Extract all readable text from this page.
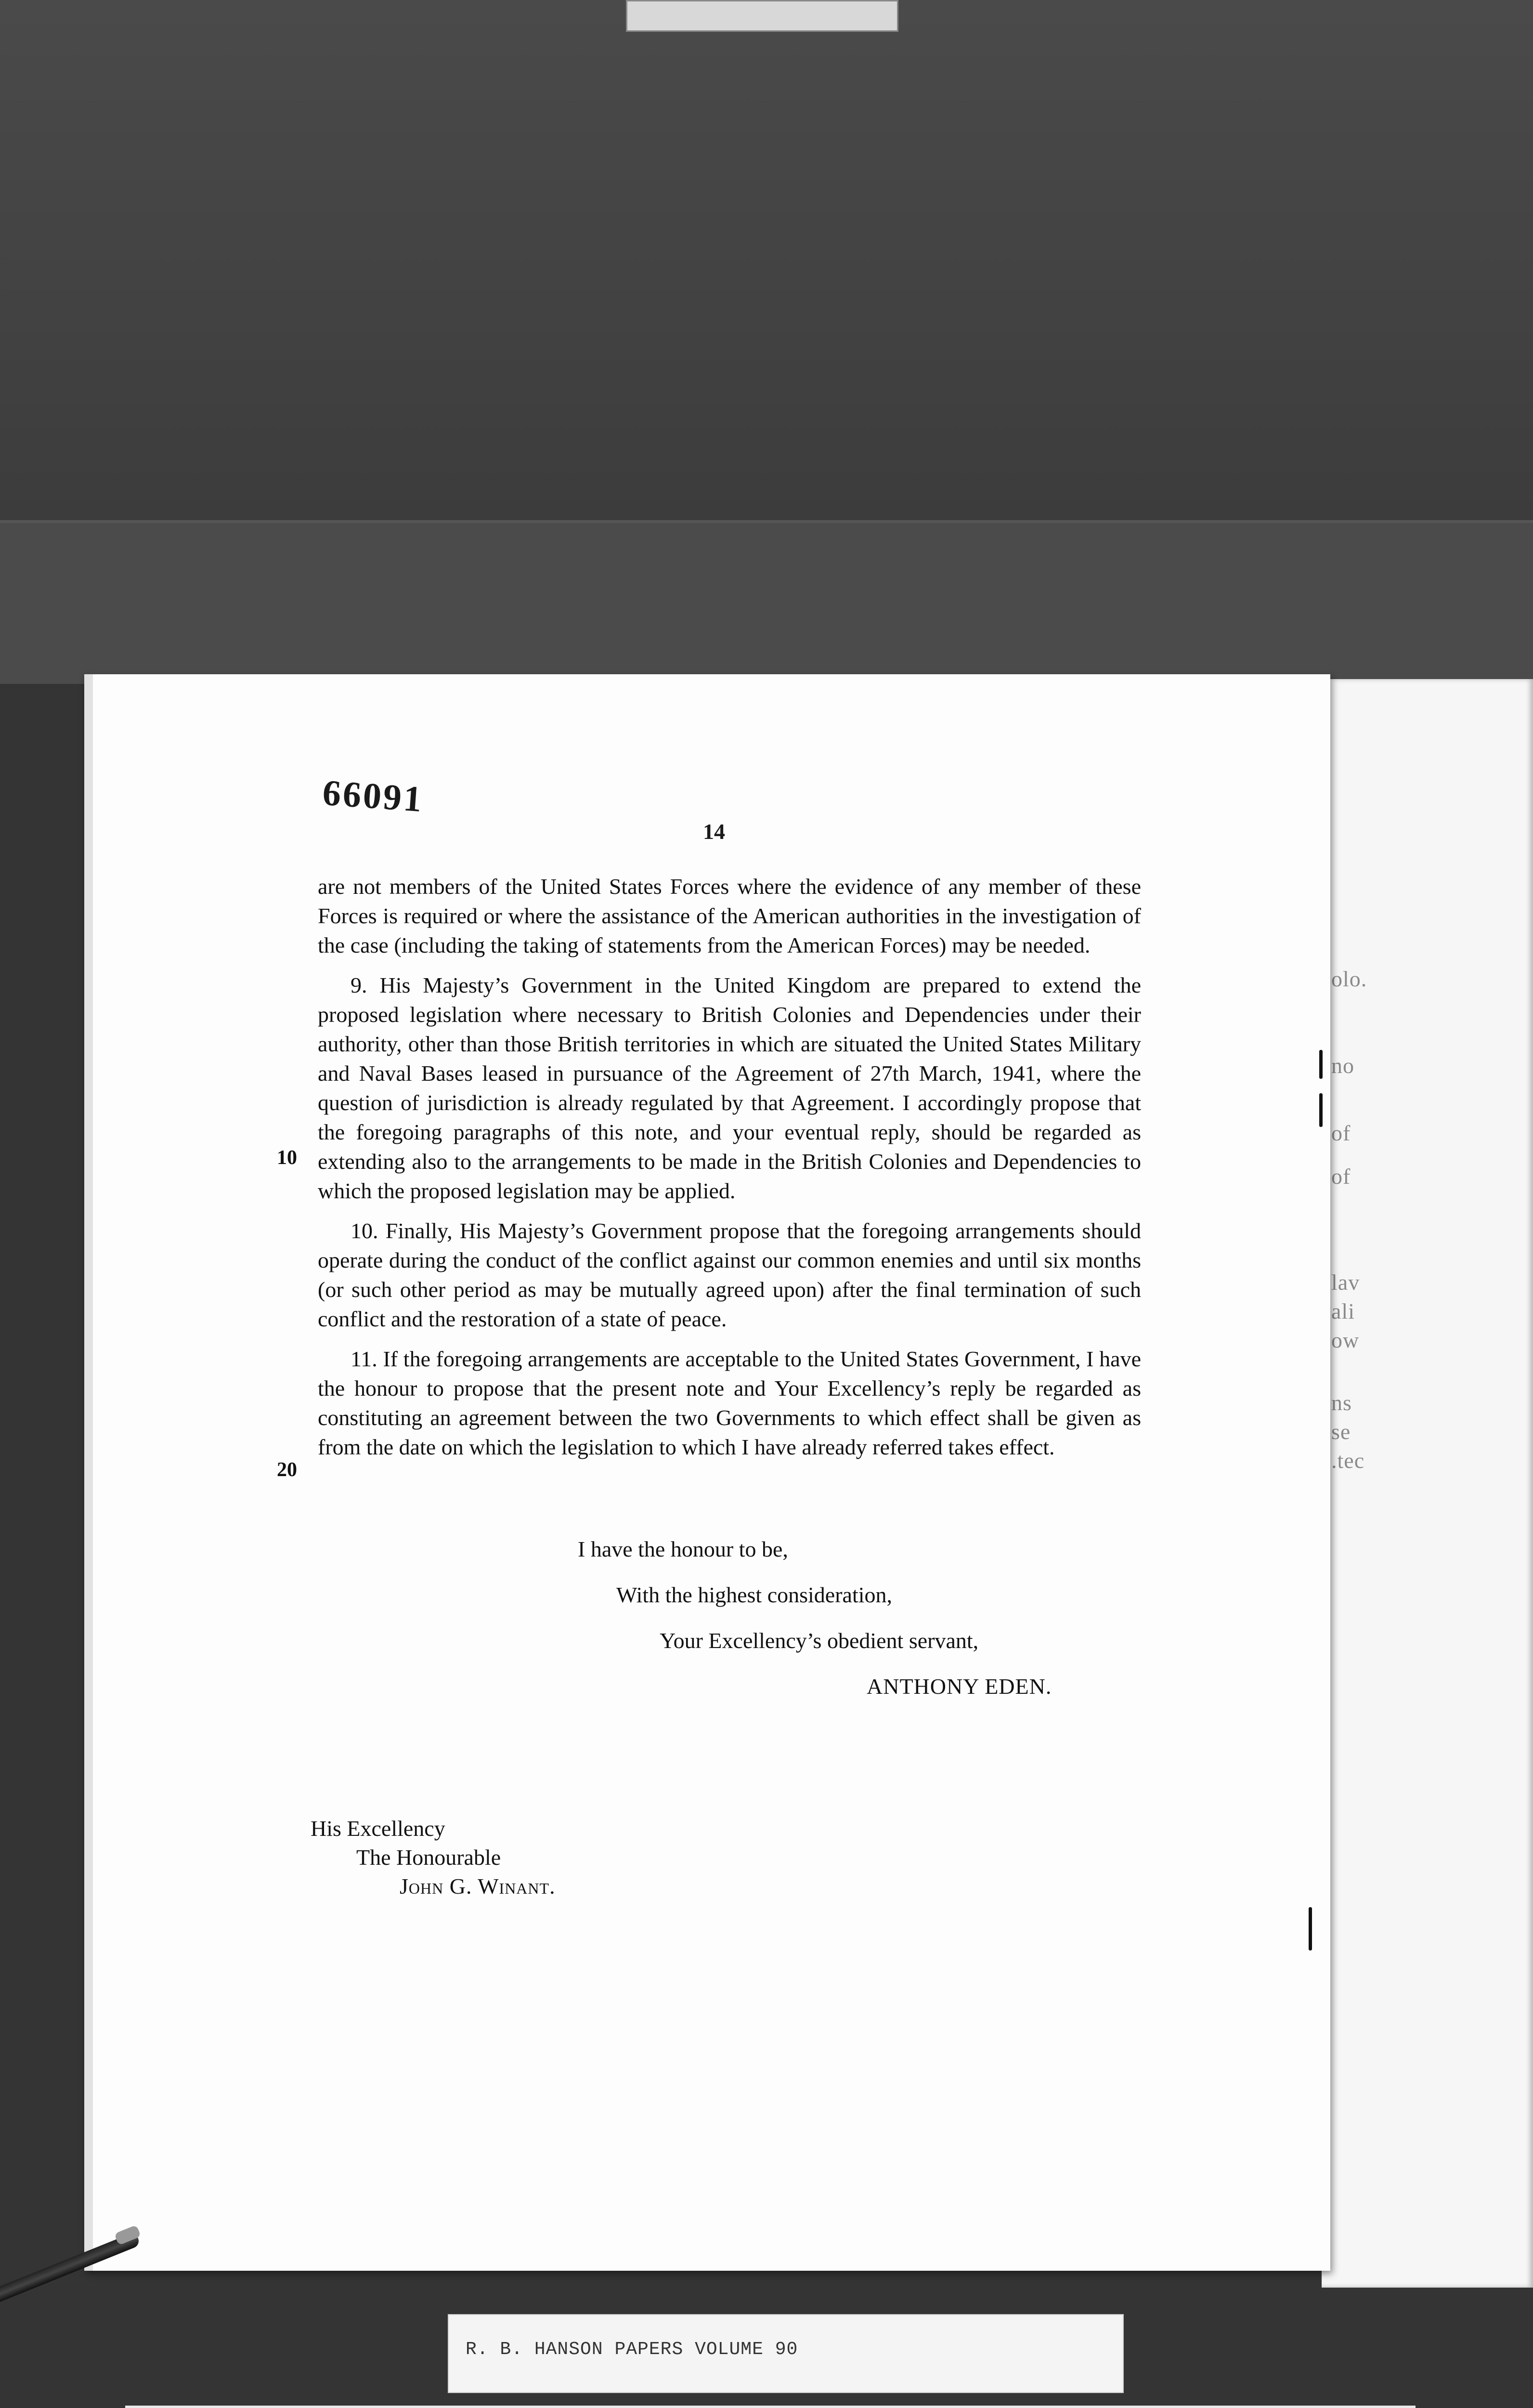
olo.
no
of
of
lav
ali
ow
ns
se
.tec
66091
14

are not members of the United States Forces where the evidence of any member of these Forces is required or where the assistance of the American authorities in the investigation of the case (including the taking of statements from the American Forces) may be needed.

9. His Majesty’s Government in the United Kingdom are prepared to extend the proposed legislation where necessary to British Colonies and Dependencies under their authority, other than those British territories in which are situated the United States Military and Naval Bases leased in pursuance of the Agreement of 27th March, 1941, where the question of jurisdiction is already regulated by that Agreement. I accordingly propose that the foregoing paragraphs of this note, and your eventual reply, should be regarded as extending also to the arrangements to be made in the British Colonies and Dependencies to which the proposed legislation may be applied.

10. Finally, His Majesty’s Government propose that the foregoing arrangements should operate during the conduct of the conflict against our common enemies and until six months (or such other period as may be mutually agreed upon) after the final termination of such conflict and the restoration of a state of peace.

11. If the foregoing arrangements are acceptable to the United States Government, I have the honour to propose that the present note and Your Excellency’s reply be regarded as constituting an agreement between the two Governments to which effect shall be given as from the date on which the legislation to which I have already referred takes effect.

10
20
I have the honour to be,
With the highest consideration,
Your Excellency’s obedient servant,
ANTHONY EDEN.
His Excellency
The Honourable
John G. Winant.
R. B. HANSON PAPERS VOLUME 90
